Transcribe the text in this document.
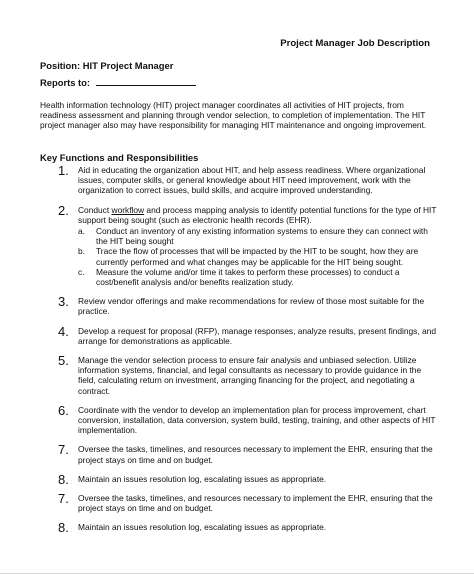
Project Manager Job Description
Position: HIT Project Manager
Reports to:
Health information technology (HIT) project manager coordinates all activities of HIT projects, from readiness assessment and planning through vendor selection, to completion of implementation. The HIT project manager also may have responsibility for managing HIT maintenance and ongoing improvement.
Key Functions and Responsibilities
1. Aid in educating the organization about HIT, and help assess readiness. Where organizational issues, computer skills, or general knowledge about HIT need improvement, work with the organization to correct issues, build skills, and acquire improved understanding.
2. Conduct workflow and process mapping analysis to identify potential functions for the type of HIT support being sought (such as electronic health records (EHR).
a. Conduct an inventory of any existing information systems to ensure they can connect with the HIT being sought
b. Trace the flow of processes that will be impacted by the HIT to be sought, how they are currently performed and what changes may be applicable for the HIT being sought.
c. Measure the volume and/or time it takes to perform these processes) to conduct a cost/benefit analysis and/or benefits realization study.
3. Review vendor offerings and make recommendations for review of those most suitable for the practice.
4. Develop a request for proposal (RFP), manage responses, analyze results, present findings, and arrange for demonstrations as applicable.
5. Manage the vendor selection process to ensure fair analysis and unbiased selection. Utilize information systems, financial, and legal consultants as necessary to provide guidance in the field, calculating return on investment, arranging financing for the project, and negotiating a contract.
6. Coordinate with the vendor to develop an implementation plan for process improvement, chart conversion, installation, data conversion, system build, testing, training, and other aspects of HIT implementation.
7. Oversee the tasks, timelines, and resources necessary to implement the EHR, ensuring that the project stays on time and on budget.
8. Maintain an issues resolution log, escalating issues as appropriate.
7. Oversee the tasks, timelines, and resources necessary to implement the EHR, ensuring that the project stays on time and on budget.
8. Maintain an issues resolution log, escalating issues as appropriate.
